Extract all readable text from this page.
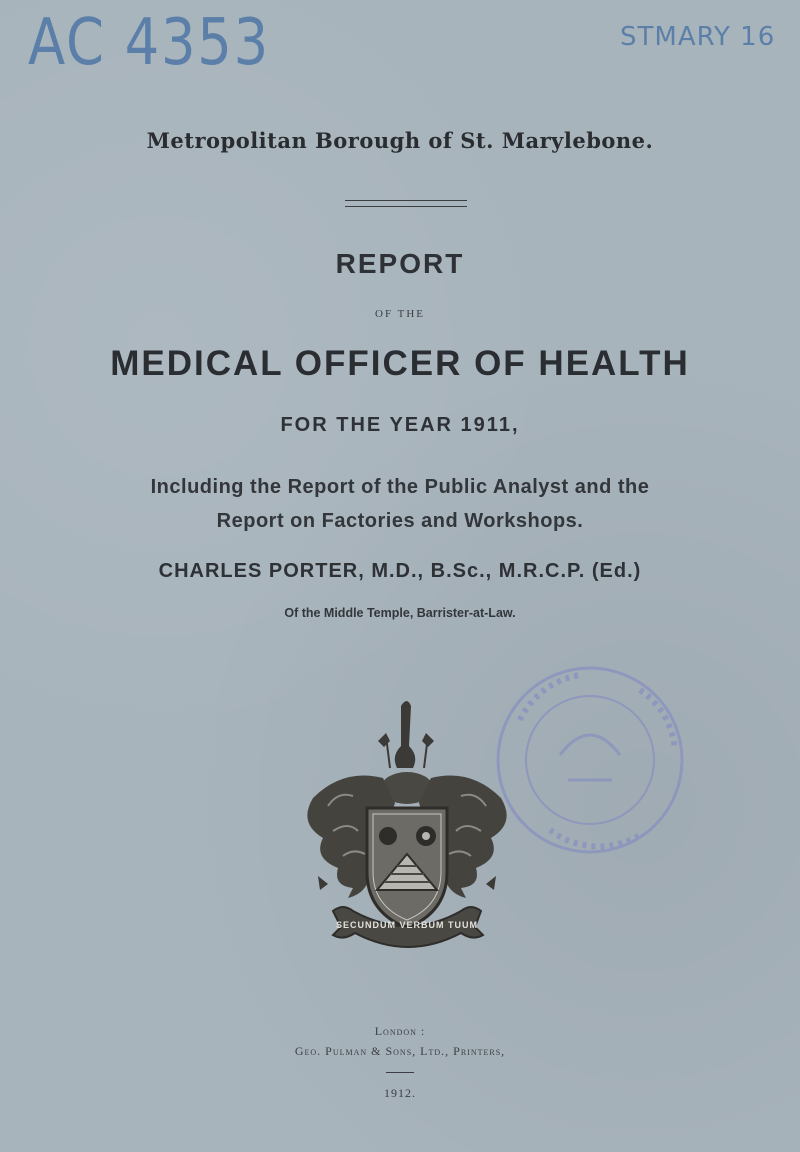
AC 4353	STMARY 16
Metropolitan Borough of St. Marylebone.
REPORT
OF THE
MEDICAL OFFICER OF HEALTH
FOR THE YEAR 1911,
Including the Report of the Public Analyst and the
Report on Factories and Workshops.
CHARLES PORTER, M.D., B.Sc., M.R.C.P. (Ed.)
Of the Middle Temple, Barrister-at-Law.
SECUNDUM VERBUM TUUM
London :
Geo. Pulman & Sons, Ltd., Printers,
1912.
